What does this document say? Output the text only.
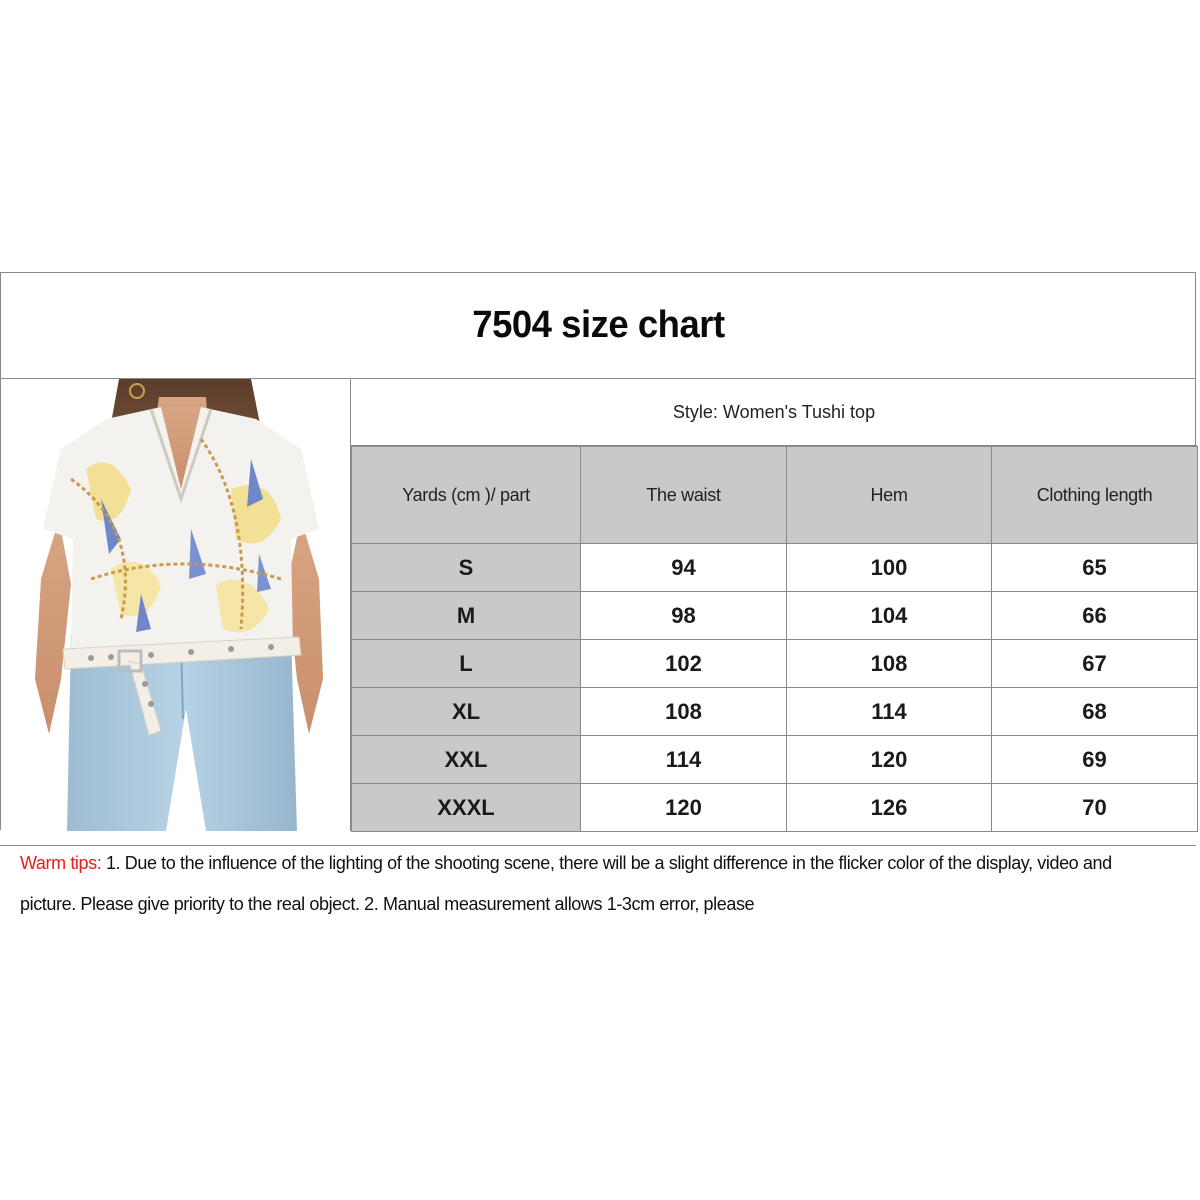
7504 size chart
Style: Women's Tushi top
Yards (cm )/ part	The waist	Hem	Clothing length
S	94	100	65
M	98	104	66
L	102	108	67
XL	108	114	68
XXL	114	120	69
XXXL	120	126	70
Warm tips: 1. Due to the influence of the lighting of the shooting scene, there will be a slight difference in the flicker color of the display, video and picture. Please give priority to the real object. 2. Manual measurement allows 1-3cm error, please
